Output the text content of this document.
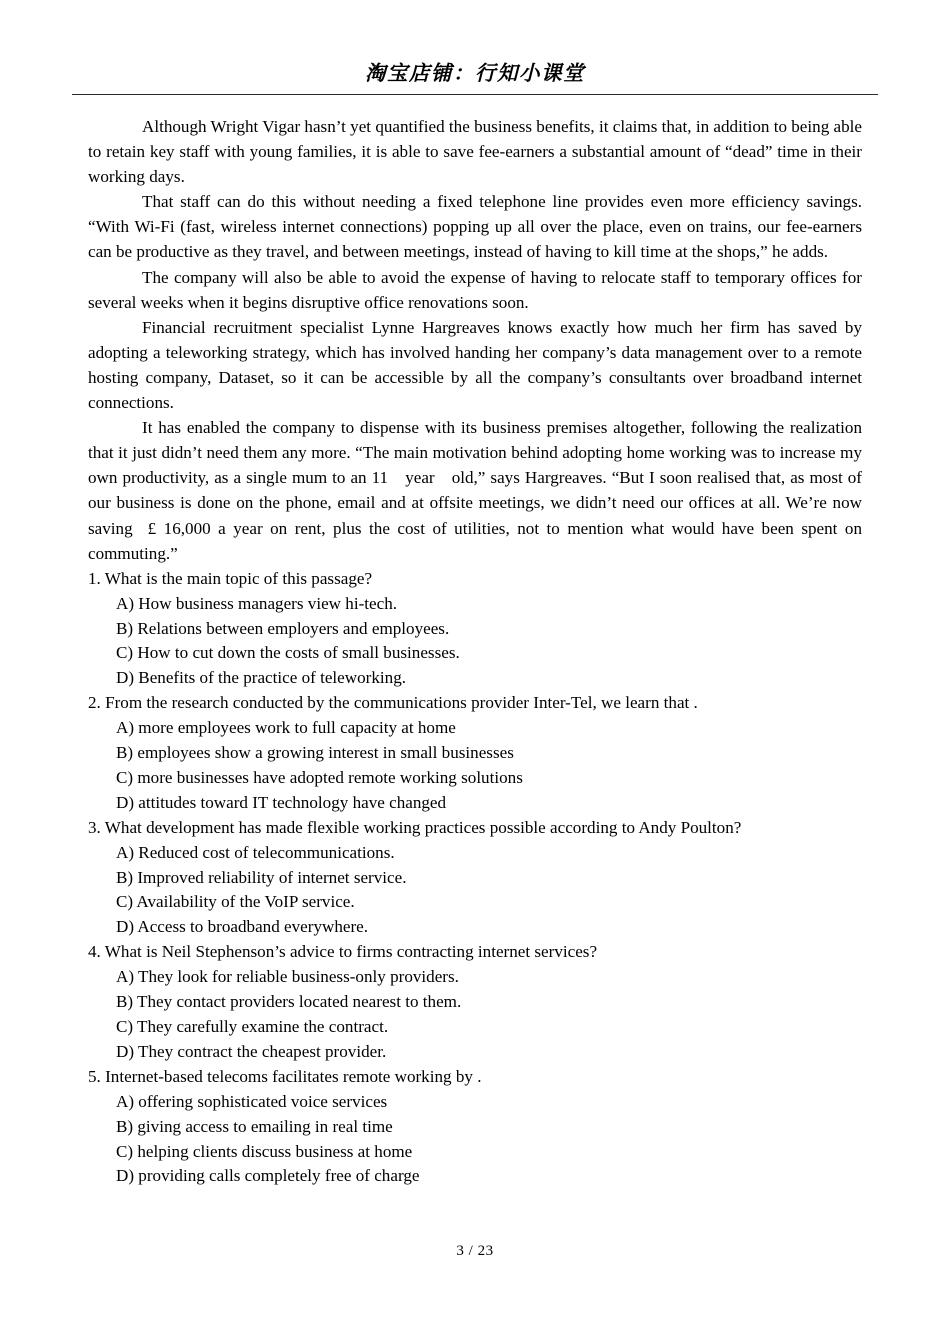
淘宝店铺：行知小课堂

Although Wright Vigar hasn’t yet quantified the business benefits, it claims that, in addition to being able to retain key staff with young families, it is able to save fee-earners a substantial amount of “dead” time in their working days.

That staff can do this without needing a fixed telephone line provides even more efficiency savings. “With Wi-Fi (fast, wireless internet connections) popping up all over the place, even on trains, our fee-earners can be productive as they travel, and between meetings, instead of having to kill time at the shops,” he adds.

The company will also be able to avoid the expense of having to relocate staff to temporary offices for several weeks when it begins disruptive office renovations soon.

Financial recruitment specialist Lynne Hargreaves knows exactly how much her firm has saved by adopting a teleworking strategy, which has involved handing her company’s data management over to a remote hosting company, Dataset, so it can be accessible by all the company’s consultants over broadband internet connections.

It has enabled the company to dispense with its business premises altogether, following the realization that it just didn’t need them any more. “The main motivation behind adopting home working was to increase my own productivity, as a single mum to an 11 year old,” says Hargreaves. “But I soon realised that, as most of our business is done on the phone, email and at offsite meetings, we didn’t need our offices at all. We’re now saving  £ 16,000 a year on rent, plus the cost of utilities, not to mention what would have been spent on commuting.”

1. What is the main topic of this passage?

A) How business managers view hi-tech.

B) Relations between employers and employees.

C) How to cut down the costs of small businesses.

D) Benefits of the practice of teleworking.

2. From the research conducted by the communications provider Inter-Tel, we learn that .

A) more employees work to full capacity at home

B) employees show a growing interest in small businesses

C) more businesses have adopted remote working solutions

D) attitudes toward IT technology have changed

3. What development has made flexible working practices possible according to Andy Poulton?

A) Reduced cost of telecommunications.

B) Improved reliability of internet service.

C) Availability of the VoIP service.

D) Access to broadband everywhere.

4. What is Neil Stephenson’s advice to firms contracting internet services?

A) They look for reliable business-only providers.

B) They contact providers located nearest to them.

C) They carefully examine the contract.

D) They contract the cheapest provider.

5. Internet-based telecoms facilitates remote working by .

A) offering sophisticated voice services

B) giving access to emailing in real time

C) helping clients discuss business at home

D) providing calls completely free of charge

3 / 23
